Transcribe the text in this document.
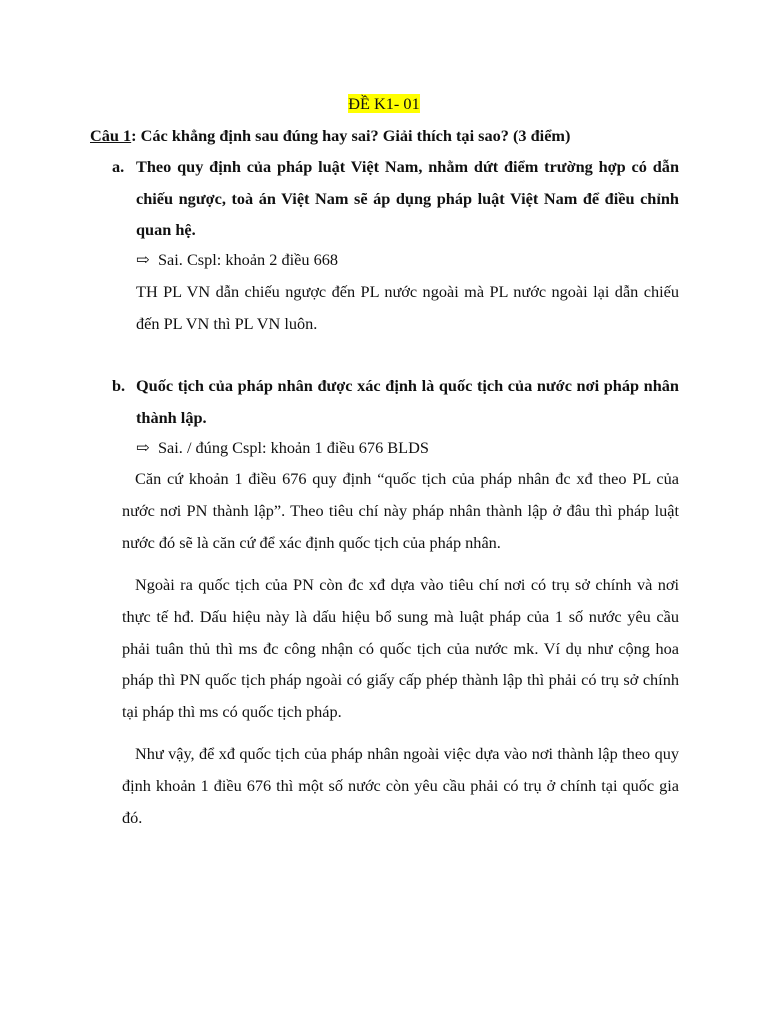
ĐỀ K1- 01
Câu 1: Các khẳng định sau đúng hay sai? Giải thích tại sao? (3 điểm)
a. Theo quy định của pháp luật Việt Nam, nhằm dứt điểm trường hợp có dẫn chiếu ngược, toà án Việt Nam sẽ áp dụng pháp luật Việt Nam để điều chỉnh quan hệ.
⇨ Sai. Cspl: khoản 2 điều 668
TH PL VN dẫn chiếu ngược đến PL nước ngoài mà PL nước ngoài lại dẫn chiếu đến PL VN thì PL VN luôn.
b. Quốc tịch của pháp nhân được xác định là quốc tịch của nước nơi pháp nhân thành lập.
⇨ Sai. / đúng Cspl: khoản 1 điều 676 BLDS
Căn cứ khoản 1 điều 676 quy định “quốc tịch của pháp nhân đc xđ theo PL của nước nơi PN thành lập”. Theo tiêu chí này pháp nhân thành lập ở đâu thì pháp luật nước đó sẽ là căn cứ để xác định quốc tịch của pháp nhân.
Ngoài ra quốc tịch của PN còn đc xđ dựa vào tiêu chí nơi có trụ sở chính và nơi thực tế hđ. Dấu hiệu này là dấu hiệu bổ sung mà luật pháp của 1 số nước yêu cầu phải tuân thủ thì ms đc công nhận có quốc tịch của nước mk. Ví dụ như cộng hoa pháp thì PN quốc tịch pháp ngoài có giấy cấp phép thành lập thì phải có trụ sở chính tại pháp thì ms có quốc tịch pháp.
Như vậy, để xđ quốc tịch của pháp nhân ngoài việc dựa vào nơi thành lập theo quy định khoản 1 điều 676 thì một số nước còn yêu cầu phải có trụ ở chính tại quốc gia đó.
